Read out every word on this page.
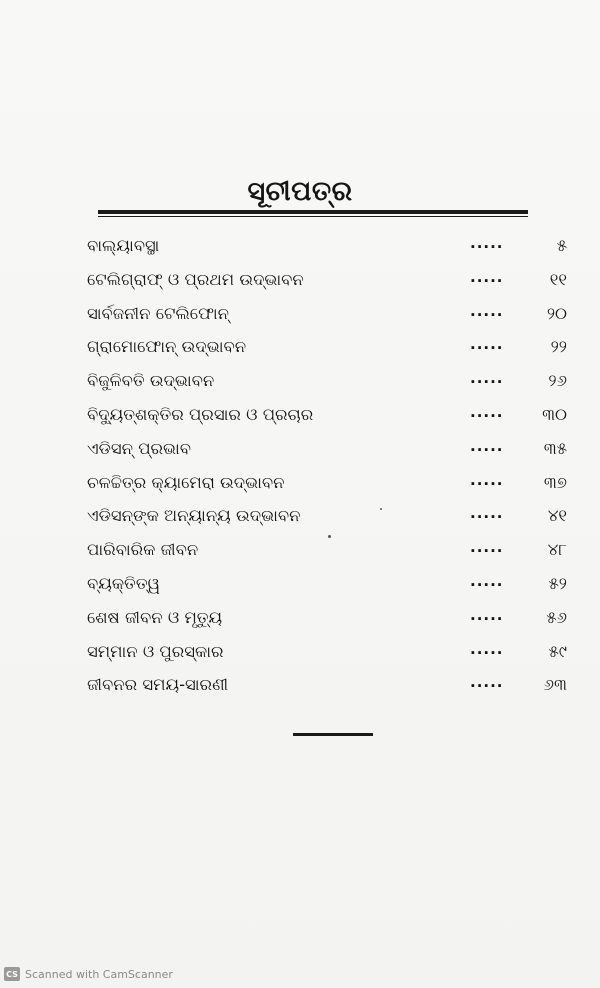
ସୂଚୀପତ୍ର
ବାଲ୍ୟାବସ୍ଥା	.....	୫
ଟେଲିଗ୍ରାଫ୍ ଓ ପ୍ରଥମ ଉଦ୍ଭାବନ	.....	୧୧
ସାର୍ବଜନୀନ ଟେଲିଫୋନ୍	.....	୨୦
ଗ୍ରାମୋଫୋନ୍ ଉଦ୍ଭାବନ	.....	୨୨
ବିଜୁଳିବତି ଉଦ୍ଭାବନ	.....	୨୬
ବିଦ୍ୟୁତ୍ଶକ୍ତିର ପ୍ରସାର ଓ ପ୍ରଚାର	..... ୩୦
ଏଡିସନ୍ ପ୍ରଭାବ	..... ୩୫
ଚଳଚ୍ଚିତ୍ର କ୍ୟାମେରା ଉଦ୍ଭାବନ	..... ୩୭
ଏଡିସନ୍ଙ୍କ ଅନ୍ୟାନ୍ୟ ଉଦ୍ଭାବନ	.....	୪୧
ପାରିବାରିକ ଜୀବନ	.....	୪୮
ବ୍ୟକ୍ତିତ୍ୱ	.....	୫୨
ଶେଷ ଜୀବନ ଓ ମୃତ୍ୟୁ	.....	୫୬
ସମ୍ମାନ ଓ ପୁରସ୍କାର	.....	୫୯
ଜୀବନର ସମୟ-ସାରଣୀ	..... ୬୩
CS Scanned with CamScanner
